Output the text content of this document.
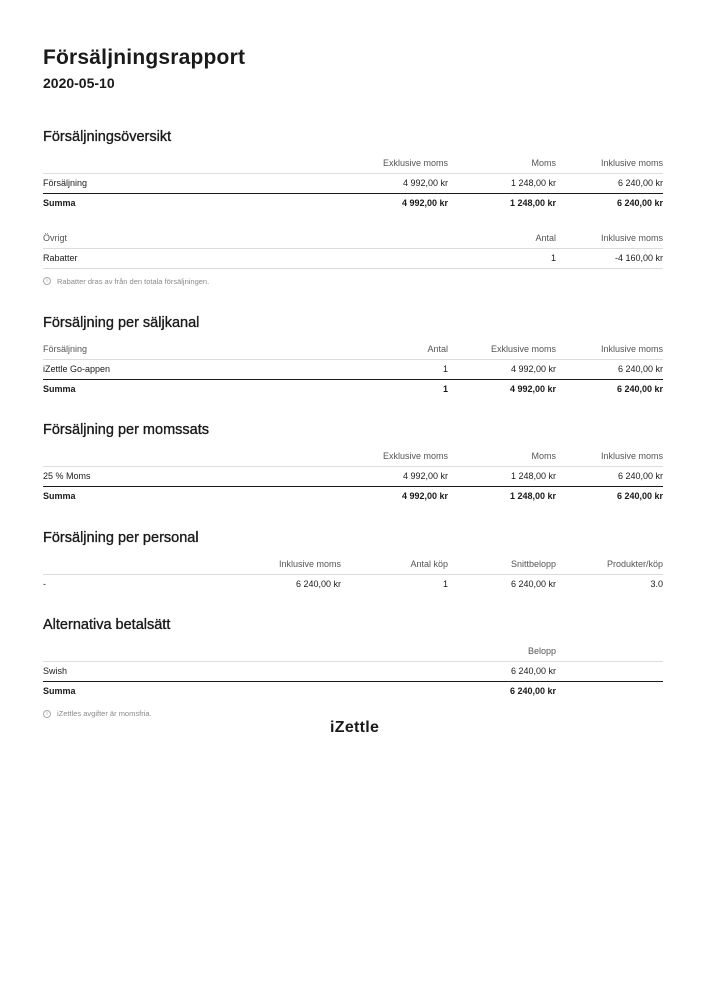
Försäljningsrapport
2020-05-10
Försäljningsöversikt
	Exklusive moms	Moms	Inklusive moms
Försäljning	4 992,00 kr	1 248,00 kr	6 240,00 kr
Summa	4 992,00 kr	1 248,00 kr	6 240,00 kr
Övrigt	Antal	Inklusive moms
Rabatter	1	-4 160,00 kr
i	Rabatter dras av från den totala försäljningen.
Försäljning per säljkanal
Försäljning	Antal	Exklusive moms	Inklusive moms
iZettle Go-appen	1	4 992,00 kr	6 240,00 kr
Summa	1	4 992,00 kr	6 240,00 kr
Försäljning per momssats
	Exklusive moms	Moms	Inklusive moms
25 % Moms	4 992,00 kr	1 248,00 kr	6 240,00 kr
Summa	4 992,00 kr	1 248,00 kr	6 240,00 kr
Försäljning per personal
	Inklusive moms	Antal köp	Snittbelopp	Produkter/köp
-	6 240,00 kr	1	6 240,00 kr	3.0
Alternativa betalsätt
	Belopp	
Swish	6 240,00 kr	
Summa	6 240,00 kr	
i	iZettles avgifter är momsfria.
iZettle
